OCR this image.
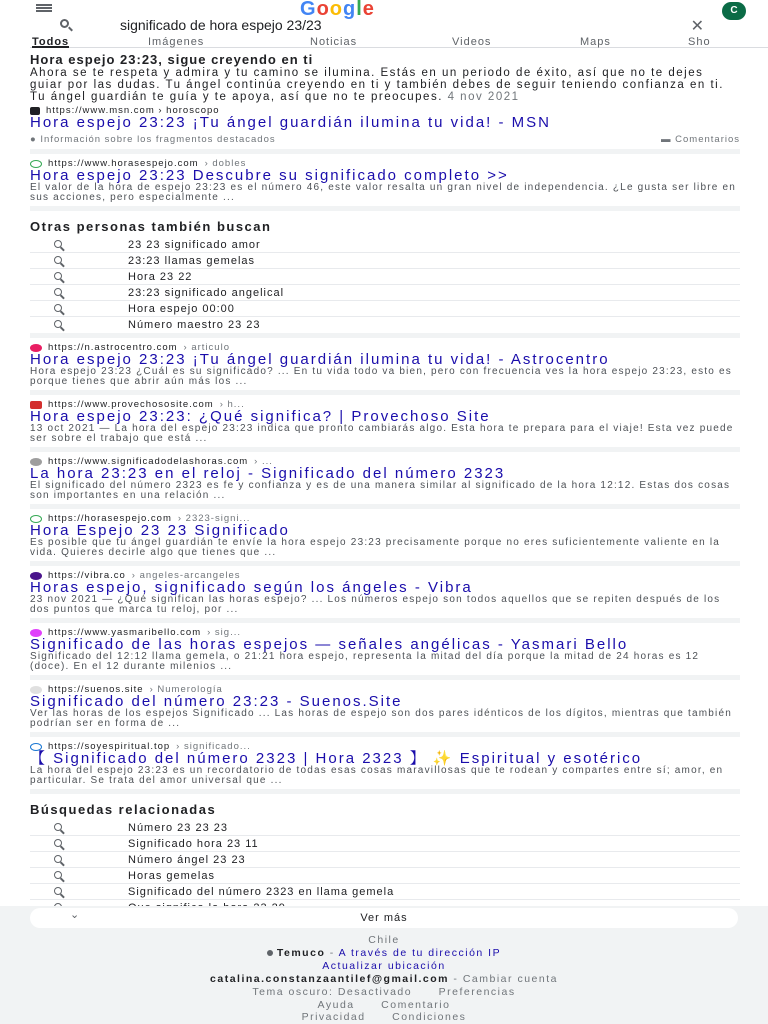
Google	C
significado de hora espejo 23/23
✕
Todos	Imágenes	Noticias	Videos	Maps	Sho
Hora espejo 23:23, sigue creyendo en ti
Ahora se te respeta y admira y tu camino se ilumina. Estás en un periodo de éxito, así que no te dejes guiar por las dudas. Tu ángel continúa creyendo en ti y también debes de seguir teniendo confianza en ti. Tu ángel guardián te guía y te apoya, así que no te preocupes. 4 nov 2021
https://www.msn.com › horoscopo
Hora espejo 23:23 ¡Tu ángel guardián ilumina tu vida! - MSN
● Información sobre los fragmentos destacados	▬ Comentarios
https://www.horasespejo.com › dobles
Hora espejo 23:23 Descubre su significado completo >>
El valor de la hora de espejo 23:23 es el número 46, este valor resalta un gran nivel de independencia. ¿Le gusta ser libre en sus acciones, pero especialmente ...
Otras personas también buscan
23 23 significado amor
23:23 llamas gemelas
Hora 23 22
23:23 significado angelical
Hora espejo 00:00
Número maestro 23 23
https://n.astrocentro.com › articulo
Hora espejo 23:23 ¡Tu ángel guardián ilumina tu vida! - Astrocentro
Hora espejo 23:23 ¿Cuál es su significado? ... En tu vida todo va bien, pero con frecuencia ves la hora espejo 23:23, esto es porque tienes que abrir aún más los ...
https://www.provechososite.com › h...
Hora espejo 23:23: ¿Qué significa? | Provechoso Site
13 oct 2021 — La hora del espejo 23:23 indica que pronto cambiarás algo. Esta hora te prepara para el viaje! Esta vez puede ser sobre el trabajo que está ...
https://www.significadodelashoras.com › ...
La hora 23:23 en el reloj - Significado del número 2323
El significado del número 2323 es fe y confianza y es de una manera similar al significado de la hora 12:12. Estas dos cosas son importantes en una relación ...
https://horasespejo.com › 2323-signi...
Hora Espejo 23 23 Significado
Es posible que tu ángel guardián te envíe la hora espejo 23:23 precisamente porque no eres suficientemente valiente en la vida. Quieres decirle algo que tienes que ...
https://vibra.co › angeles-arcangeles
Horas espejo, significado según los ángeles - Vibra
23 nov 2021 — ¿Qué significan las horas espejo? ... Los números espejo son todos aquellos que se repiten después de los dos puntos que marca tu reloj, por ...
https://www.yasmaribello.com › sig...
Significado de las horas espejos — señales angélicas - Yasmari Bello
Significado del 12:12 llama gemela, o 21:21 hora espejo, representa la mitad del día porque la mitad de 24 horas es 12 (doce). En el 12 durante milenios ...
https://suenos.site › Numerología
Significado del número 23:23 - Suenos.Site
Ver las horas de los espejos Significado ... Las horas de espejo son dos pares idénticos de los dígitos, mientras que también podrían ser en forma de ...
https://soyespiritual.top › significado...
【 Significado del número 2323 | Hora 2323 】 ✨ Espiritual y esotérico
La hora del espejo 23:23 es un recordatorio de todas esas cosas maravillosas que te rodean y compartes entre sí; amor, en particular. Se trata del amor universal que ...
Búsquedas relacionadas
Número 23 23 23
Significado hora 23 11
Número ángel 23 23
Horas gemelas
Significado del número 2323 en llama gemela
⌄	Ver más
Chile
Temuco - A través de tu dirección IP
Actualizar ubicación
catalina.constanzaantilef@gmail.com - Cambiar cuenta
Tema oscuro: Desactivado	Preferencias
Ayuda	Comentario
Privacidad	Condiciones
